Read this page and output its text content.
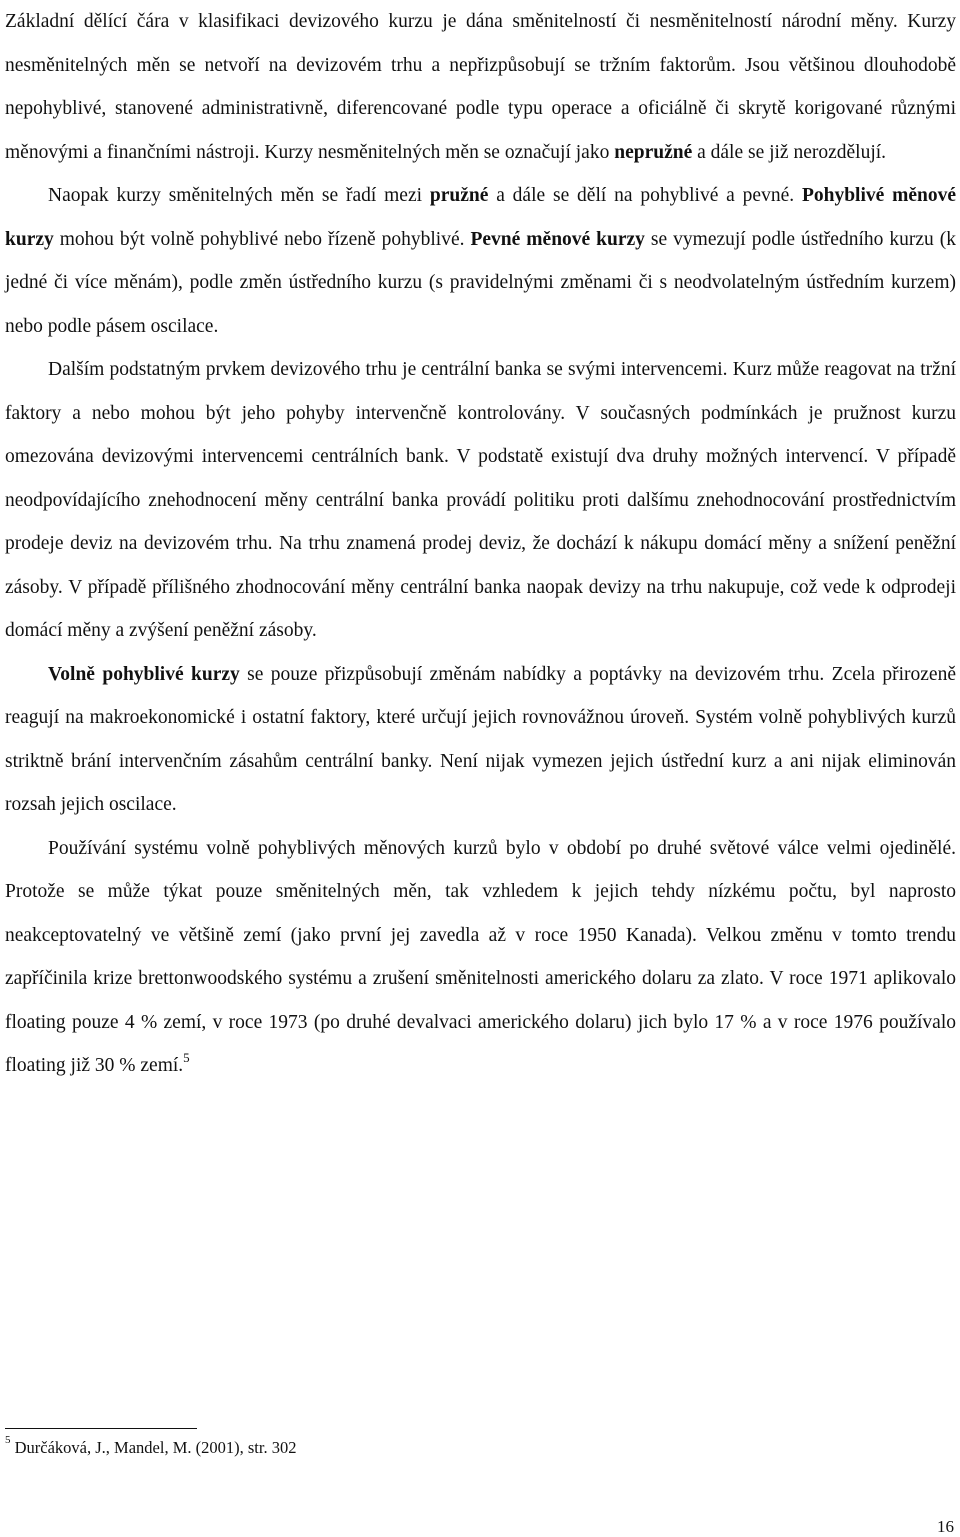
Základní dělící čára v klasifikaci devizového kurzu je dána směnitelností či nesměnitelností národní měny. Kurzy nesměnitelných měn se netvoří na devizovém trhu a nepřizpůsobují se tržním faktorům. Jsou většinou dlouhodobě nepohyblivé, stanovené administrativně, diferencované podle typu operace a oficiálně či skrytě korigované různými měnovými a finančními nástroji. Kurzy nesměnitelných měn se označují jako nepružné a dále se již nerozdělují.

Naopak kurzy směnitelných měn se řadí mezi pružné a dále se dělí na pohyblivé a pevné. Pohyblivé měnové kurzy mohou být volně pohyblivé nebo řízeně pohyblivé. Pevné měnové kurzy se vymezují podle ústředního kurzu (k jedné či více měnám), podle změn ústředního kurzu (s pravidelnými změnami či s neodvolatelným ústředním kurzem) nebo podle pásem oscilace.

Dalším podstatným prvkem devizového trhu je centrální banka se svými intervencemi. Kurz může reagovat na tržní faktory a nebo mohou být jeho pohyby intervenčně kontrolovány. V současných podmínkách je pružnost kurzu omezována devizovými intervencemi centrálních bank. V podstatě existují dva druhy možných intervencí. V případě neodpovídajícího znehodnocení měny centrální banka provádí politiku proti dalšímu znehodnocování prostřednictvím prodeje deviz na devizovém trhu. Na trhu znamená prodej deviz, že dochází k nákupu domácí měny a snížení peněžní zásoby. V případě přílišného zhodnocování měny centrální banka naopak devizy na trhu nakupuje, což vede k odprodeji domácí měny a zvýšení peněžní zásoby.

Volně pohyblivé kurzy se pouze přizpůsobují změnám nabídky a poptávky na devizovém trhu. Zcela přirozeně reagují na makroekonomické i ostatní faktory, které určují jejich rovnovážnou úroveň. Systém volně pohyblivých kurzů striktně brání intervenčním zásahům centrální banky. Není nijak vymezen jejich ústřední kurz a ani nijak eliminován rozsah jejich oscilace.

Používání systému volně pohyblivých měnových kurzů bylo v období po druhé světové válce velmi ojedinělé. Protože se může týkat pouze směnitelných měn, tak vzhledem k jejich tehdy nízkému počtu, byl naprosto neakceptovatelný ve většině zemí (jako první jej zavedla až v roce 1950 Kanada). Velkou změnu v tomto trendu zapříčinila krize brettonwoodského systému a zrušení směnitelnosti amerického dolaru za zlato. V roce 1971 aplikovalo floating pouze 4 % zemí, v roce 1973 (po druhé devalvaci amerického dolaru) jich bylo 17 % a v roce 1976 používalo floating již 30 % zemí.$^5$

$^5$ Durčáková, J., Mandel, M. (2001), str. 302
16
